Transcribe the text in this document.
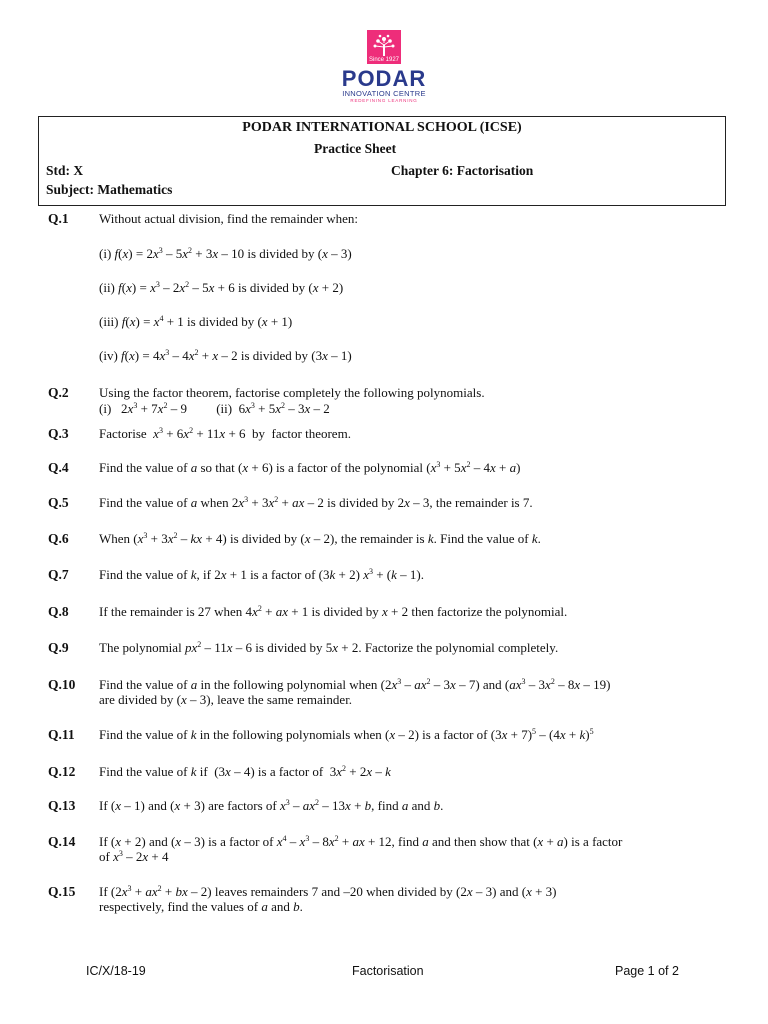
Since 1927
PODAR
INNOVATION CENTRE
REDEFINING LEARNING
PODAR INTERNATIONAL SCHOOL (ICSE)
Practice Sheet
Std: X	Chapter 6: Factorisation
Subject: Mathematics
Q.1 Without actual division, find the remainder when:
(i) $f(x) = 2x^3 - 5x^2 + 3x - 10$ is divided by (x – 3)
(ii) $f(x) = x^3 - 2x^2 - 5x + 6$ is divided by (x + 2)
(iii) $f(x) = x^4 + 1$ is divided by (x + 1)
(iv) $f(x) = 4x^3 - 4x^2 + x - 2$ is divided by (3x – 1)
Q.2 Using the factor theorem, factorise completely the following polynomials.
(i)   $2x^3 + 7x^2 - 9$         (ii)  $6x^3 + 5x^2 - 3x - 2$
Q.3 Factorise  $x^3 + 6x^2 + 11x + 6$  by  factor theorem.
Q.4 Find the value of a so that (x + 6) is a factor of the polynomial $(x^3 + 5x^2 - 4x + a)$
Q.5 Find the value of a when $2x^3 + 3x^2$ + ax – 2 is divided by 2x – 3, the remainder is 7.
Q.6 When ($x^3 + 3x^2$ – kx + 4) is divided by (x – 2), the remainder is k. Find the value of k.
Q.7 Find the value of k, if 2x + 1 is a factor of (3k + 2) $x^3 + (k - 1)$.
Q.8 If the remainder is 27 when $4x^2$ + ax + 1 is divided by x + 2 then factorize the polynomial.
Q.9 The polynomial $px^2 - 11x - 6$ is divided by 5x + 2. Factorize the polynomial completely.
Q.10 Find the value of a in the following polynomial when $(2x^3 - ax^2 - 3x - 7)$ and $(ax^3 - 3x^2 - 8x - 19)$
are divided by (x – 3), leave the same remainder.
Q.11 Find the value of k in the following polynomials when (x – 2) is a factor of $(3x + 7)^5 - (4x + k)^5$
Q.12 Find the value of k if  (3x – 4) is a factor of  $3x^2 + 2x - k$
Q.13 If (x – 1) and (x + 3) are factors of $x^3 - ax^2 - 13x + b$, find a and b.
Q.14 If (x + 2) and (x – 3) is a factor of $x^4 - x^3 - 8x^2$ + ax + 12, find a and then show that (x + a) is a factor
of $x^3 - 2x + 4$
Q.15 If ($2x^3 + ax^2$ + bx – 2) leaves remainders 7 and –20 when divided by (2x – 3) and (x + 3)
respectively, find the values of a and b.
IC/X/18-19	Factorisation	Page 1 of 2
